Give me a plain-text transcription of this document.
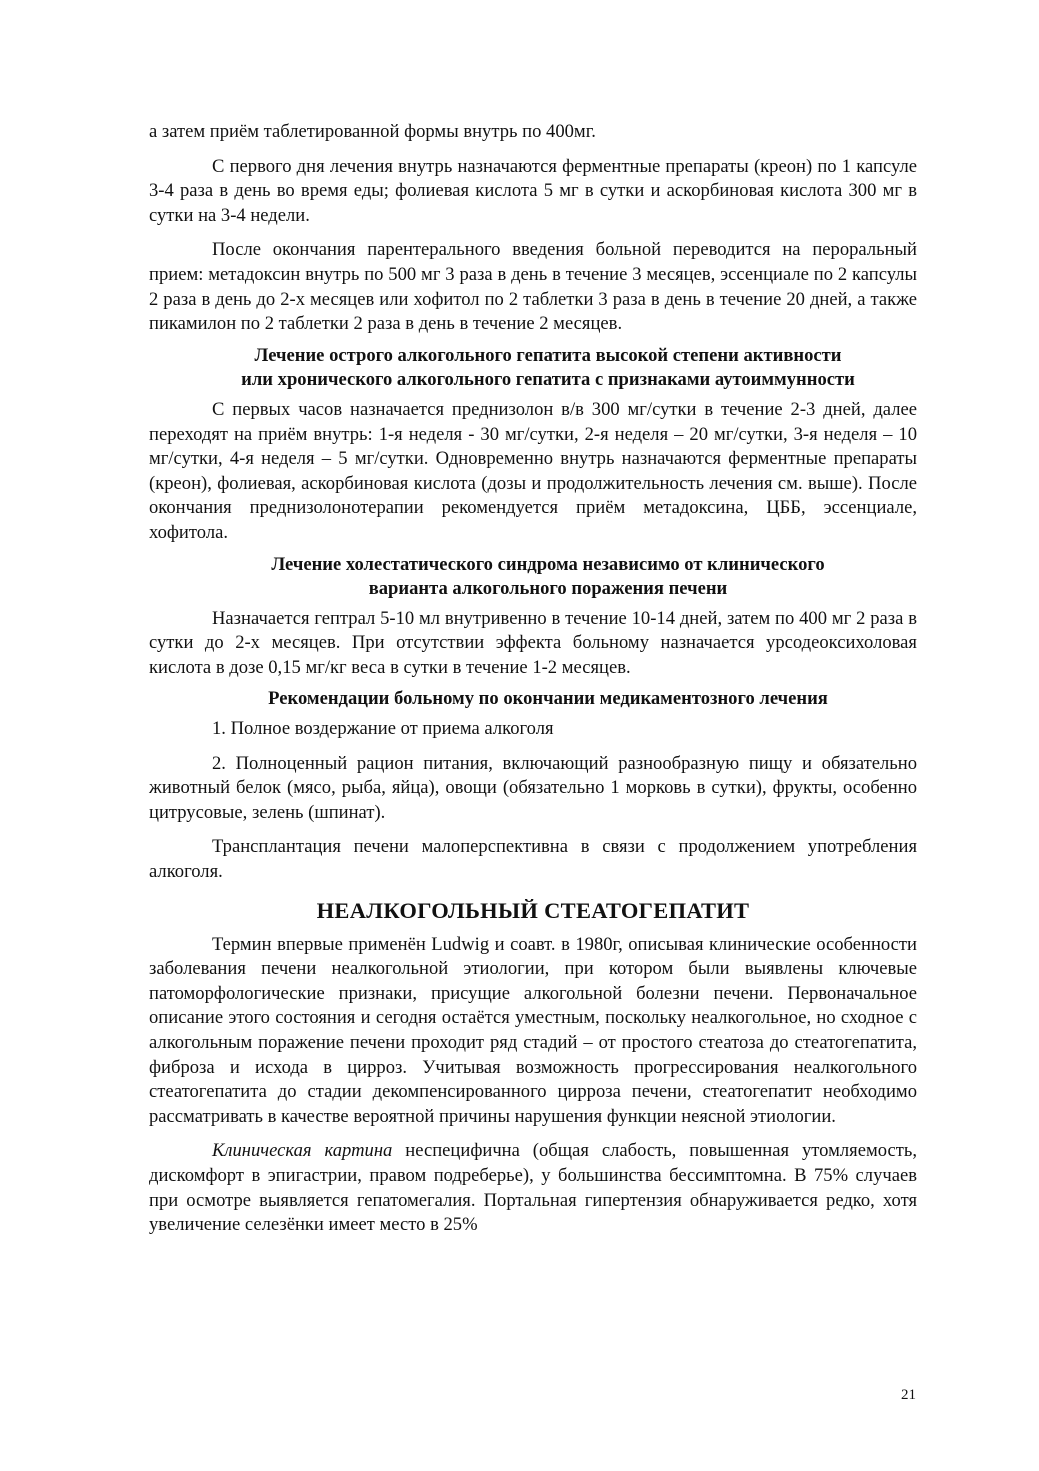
а затем приём таблетированной формы внутрь по 400мг.

С первого дня лечения внутрь назначаются ферментные препараты (креон) по 1 капсуле 3-4 раза в день во время еды; фолиевая кислота 5 мг в сутки и аскорбиновая кислота 300 мг в сутки на 3-4 недели.

После окончания парентерального введения больной переводится на пероральный прием: метадоксин внутрь по 500 мг 3 раза в день в течение 3 месяцев, эссенциале по 2 капсулы 2 раза в день до 2-х месяцев или хофитол по 2 таблетки 3 раза в день в течение 20 дней, а также пикамилон по 2 таблетки 2 раза в день в течение 2 месяцев.

Лечение острого алкогольного гепатита высокой степени активности
или хронического алкогольного гепатита с признаками аутоиммунности

С первых часов назначается преднизолон в/в 300 мг/сутки в течение 2-3 дней, далее переходят на приём внутрь: 1-я неделя - 30 мг/сутки, 2-я неделя – 20 мг/сутки, 3-я неделя – 10 мг/сутки, 4-я неделя – 5 мг/сутки. Одновременно внутрь назначаются ферментные препараты (креон), фолиевая, аскорбиновая кислота (дозы и продолжительность лечения см. выше). После окончания преднизолонотерапии рекомендуется приём метадоксина, ЦББ, эссенциале, хофитола.

Лечение холестатического синдрома независимо от клинического
варианта алкогольного поражения печени

Назначается гептрал 5-10 мл внутривенно в течение 10-14 дней, затем по 400 мг 2 раза в сутки до 2-х месяцев. При отсутствии эффекта больному назначается урсодеоксихоловая кислота в дозе 0,15 мг/кг веса в сутки в течение 1-2 месяцев.

Рекомендации больному по окончании медикаментозного лечения

1. Полное воздержание от приема алкоголя

2. Полноценный рацион питания, включающий разнообразную пищу и обязательно животный белок (мясо, рыба, яйца), овощи (обязательно 1 морковь в сутки), фрукты, особенно цитрусовые, зелень (шпинат).

Трансплантация печени малоперспективна в связи с продолжением употребления алкоголя.

НЕАЛКОГОЛЬНЫЙ СТЕАТОГЕПАТИТ

Термин впервые применён Ludwig и соавт. в 1980г, описывая клинические особенности заболевания печени неалкогольной этиологии, при котором были выявлены ключевые патоморфологические признаки, присущие алкогольной болезни печени. Первоначальное описание этого состояния и сегодня остаётся уместным, поскольку неалкогольное, но сходное с алкогольным поражение печени проходит ряд стадий – от простого стеатоза до стеатогепатита, фиброза и исхода в цирроз. Учитывая возможность прогрессирования неалкогольного стеатогепатита до стадии декомпенсированного цирроза печени, стеатогепатит необходимо рассматривать в качестве вероятной причины нарушения функции неясной этиологии.

Клиническая картина неспецифична (общая слабость, повышенная утомляемость, дискомфорт в эпигастрии, правом подреберье), у большинства бессимптомна. В 75% случаев при осмотре выявляется гепатомегалия. Портальная гипертензия обнаруживается редко, хотя увеличение селезёнки имеет место в 25%

21
